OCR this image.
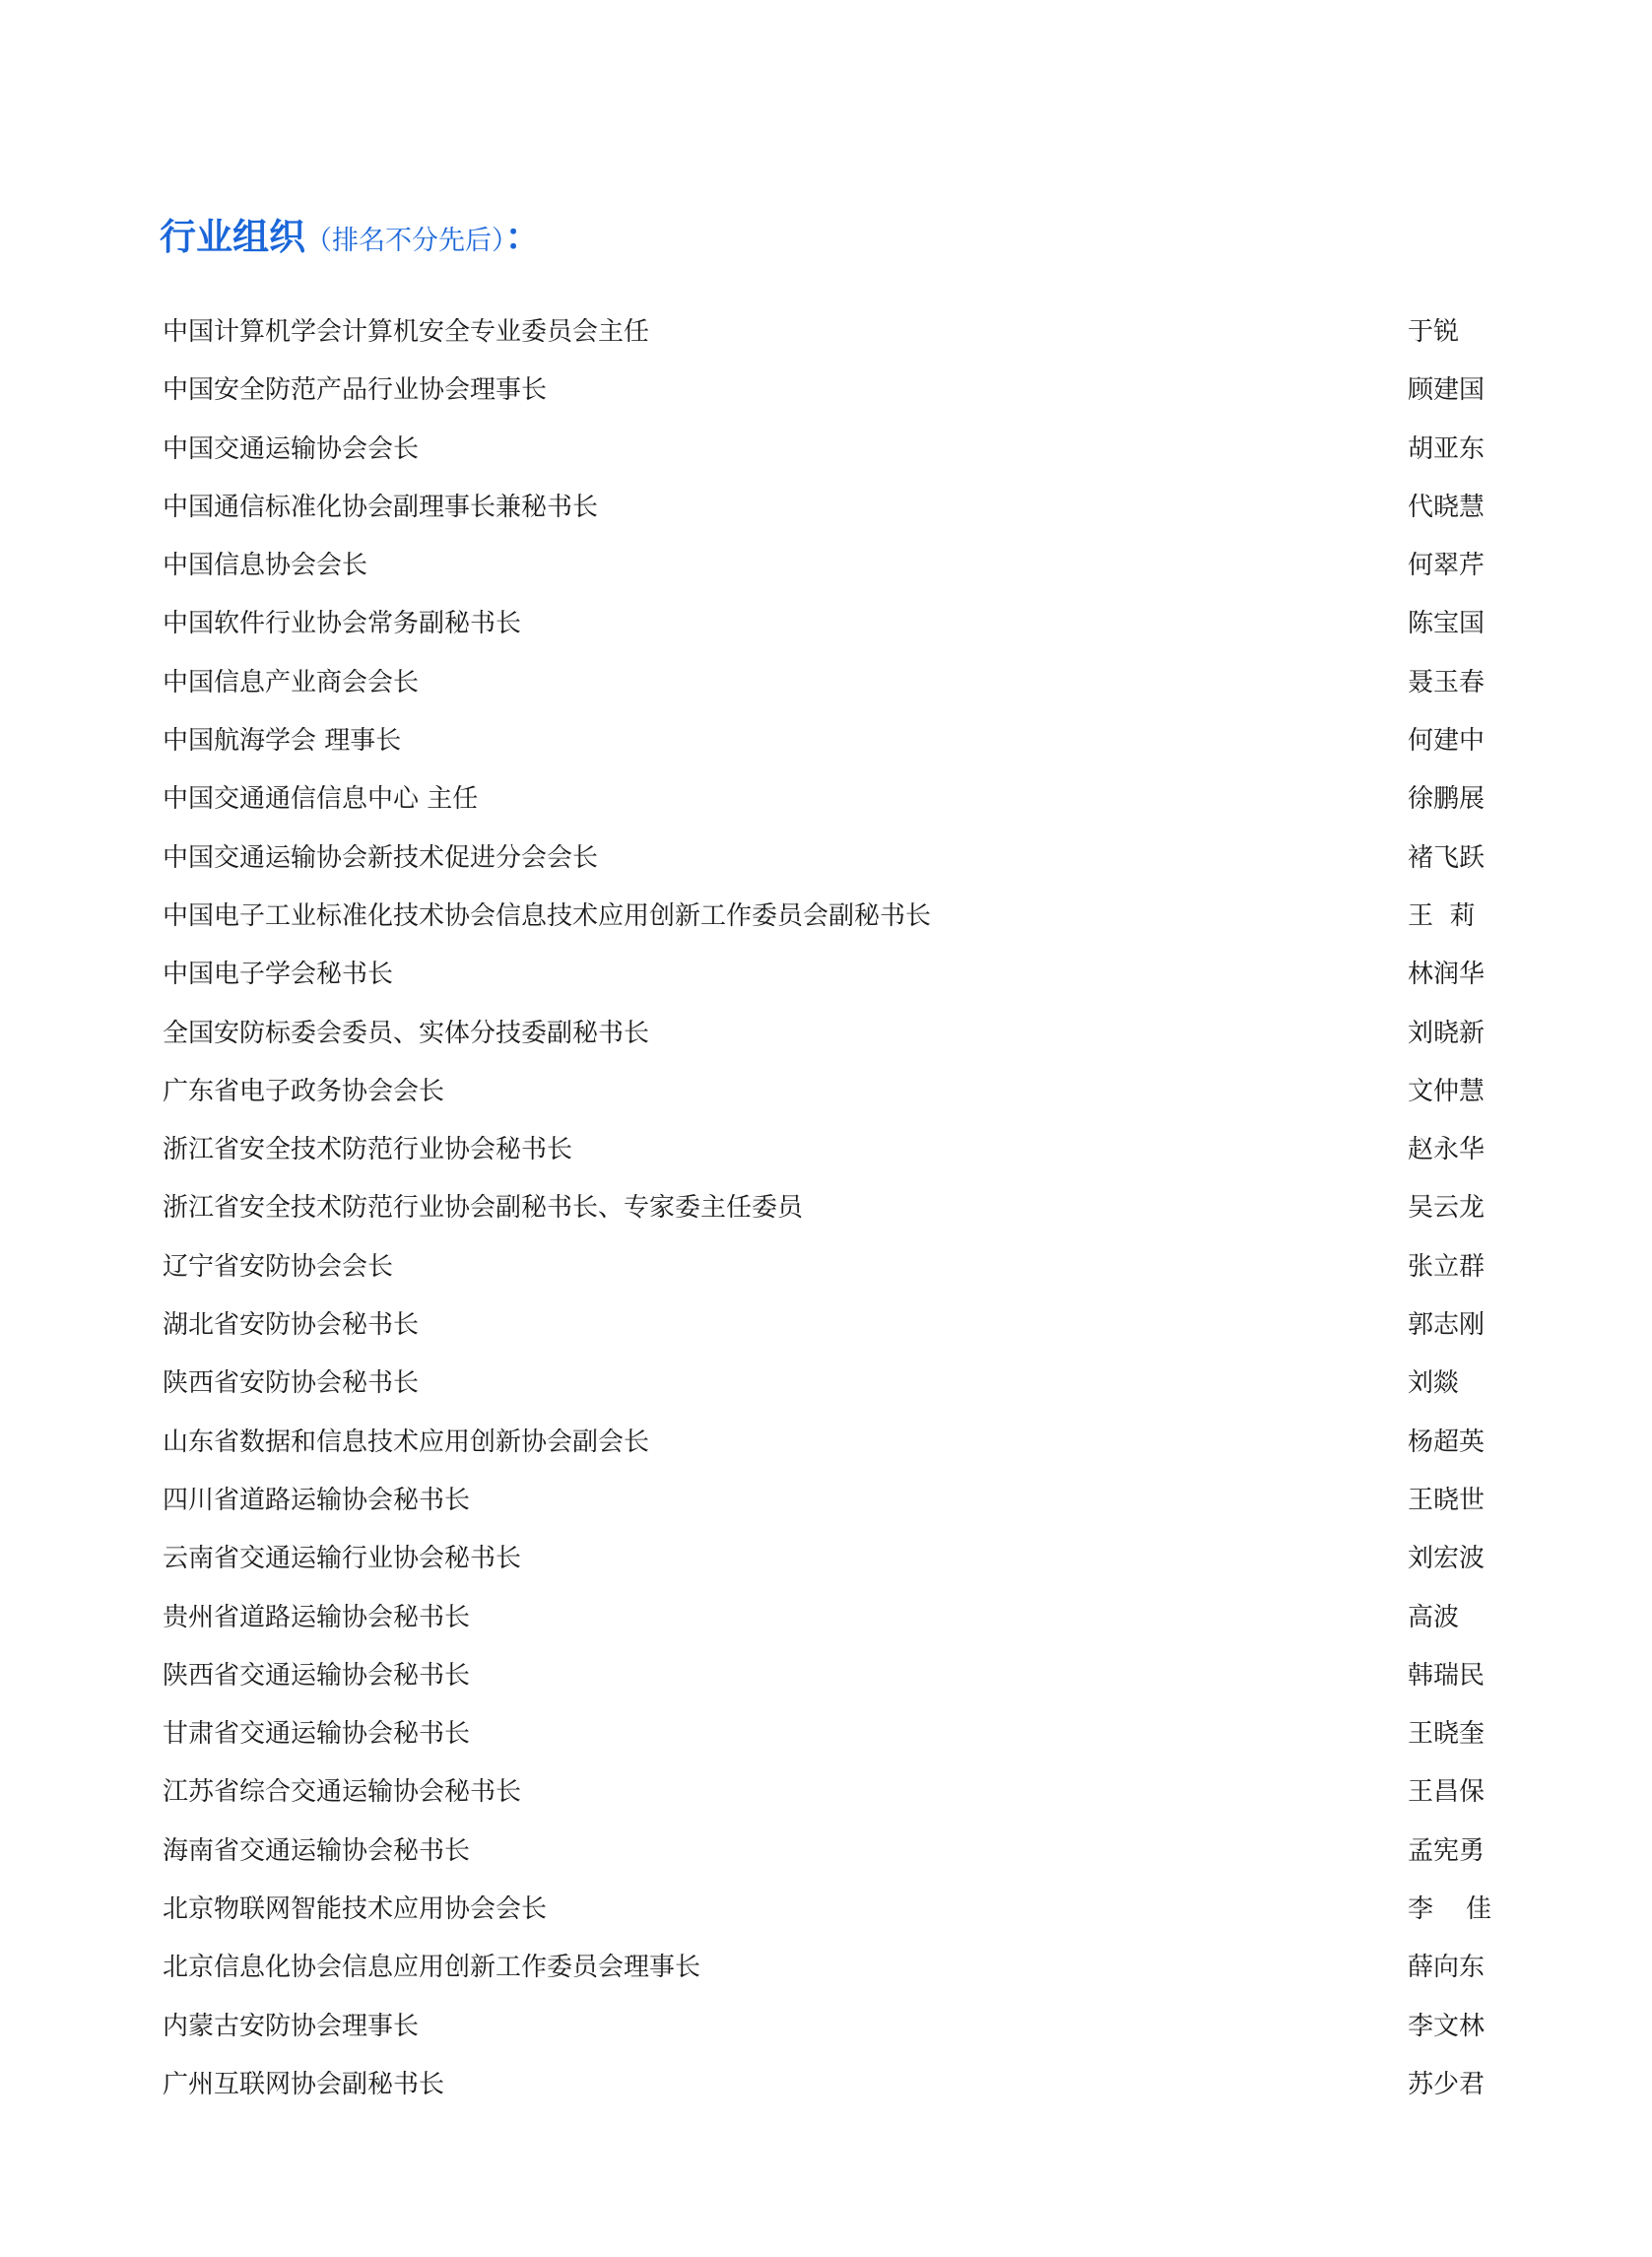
行业组织（排名不分先后）：
中国计算机学会计算机安全专业委员会主任	于锐
中国安全防范产品行业协会理事长	顾建国
中国交通运输协会会长	胡亚东
中国通信标准化协会副理事长兼秘书长	代晓慧
中国信息协会会长	何翠芹
中国软件行业协会常务副秘书长	陈宝国
中国信息产业商会会长	聂玉春
中国航海学会 理事长	何建中
中国交通通信信息中心 主任	徐鹏展
中国交通运输协会新技术促进分会会长	褚飞跃
中国电子工业标准化技术协会信息技术应用创新工作委员会副秘书长	王  莉
中国电子学会秘书长	林润华
全国安防标委会委员、实体分技委副秘书长	刘晓新
广东省电子政务协会会长	文仲慧
浙江省安全技术防范行业协会秘书长	赵永华
浙江省安全技术防范行业协会副秘书长、专家委主任委员	吴云龙
辽宁省安防协会会长	张立群
湖北省安防协会秘书长	郭志刚
陕西省安防协会秘书长	刘燚
山东省数据和信息技术应用创新协会副会长	杨超英
四川省道路运输协会秘书长	王晓世
云南省交通运输行业协会秘书长	刘宏波
贵州省道路运输协会秘书长	高波
陕西省交通运输协会秘书长	韩瑞民
甘肃省交通运输协会秘书长	王晓奎
江苏省综合交通运输协会秘书长	王昌保
海南省交通运输协会秘书长	孟宪勇
北京物联网智能技术应用协会会长	李    佳
北京信息化协会信息应用创新工作委员会理事长	薛向东
内蒙古安防协会理事长	李文林
广州互联网协会副秘书长	苏少君
